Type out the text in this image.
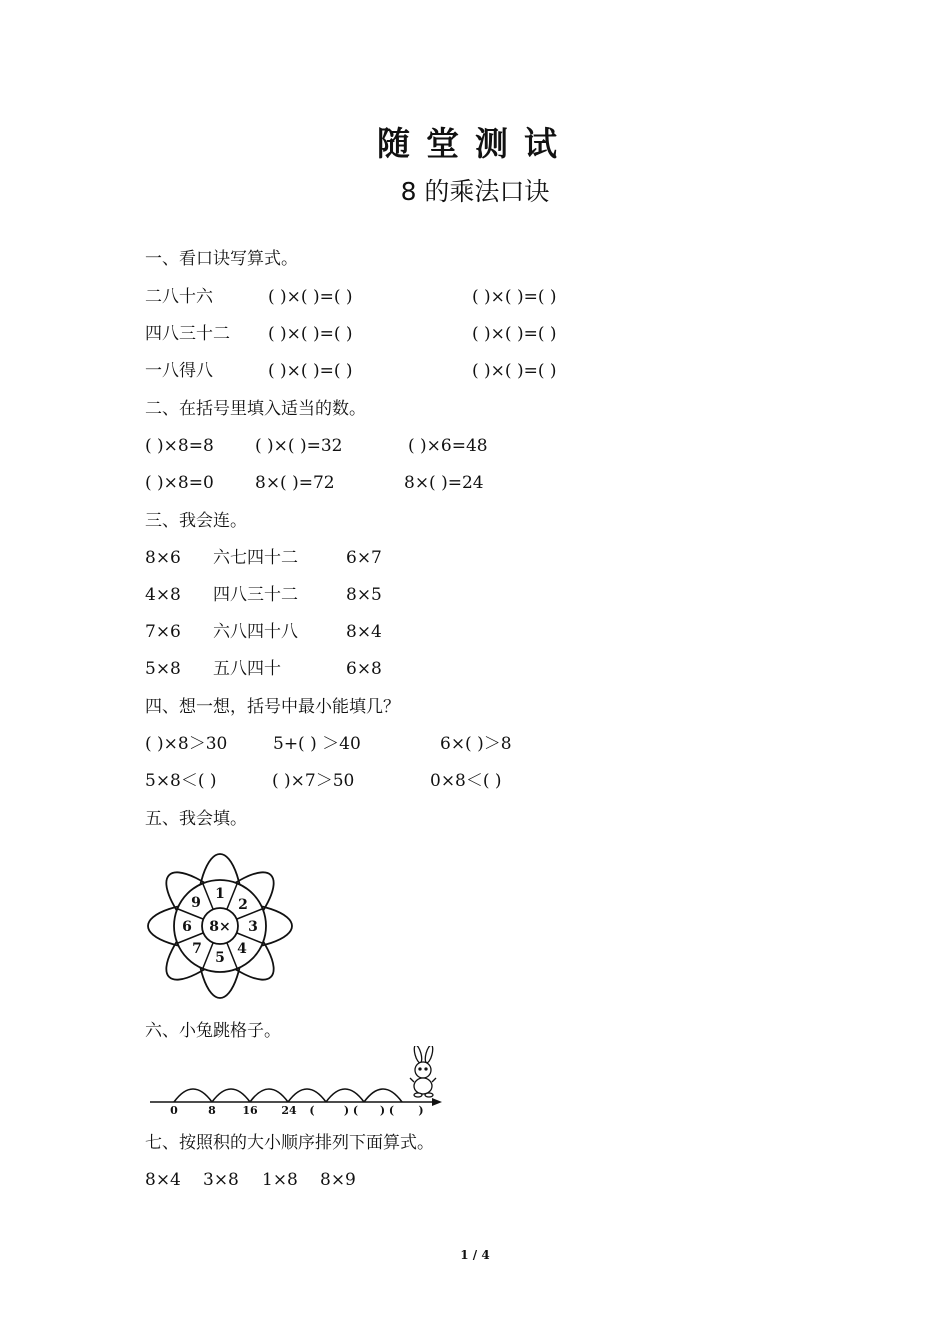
随堂测试
8 的乘法口诀
一、看口诀写算式。
二八十六	( )×( )=( )	( )×( )=( )
四八三十二 ( )×( )=( )	( )×( )=( )
一八得八	( )×( )=( )	( )×( )=( )
二、在括号里填入适当的数。
( )×8=8 ( )×( )=32	( )×6=48
( )×8=0 8×( )=72	8×( )=24
三、我会连。
8×6 六七四十二	6×7
4×8 四八三十二	8×5
7×6 六八四十八	8×4
5×8 五八四十	6×8
四、想一想，括号中最小能填几？
( )×8＞30	5+( ) ＞40	6×( )＞8
5×8＜( )	( )×7＞50	0×8＜( )
五、我会填。
8×
1
2
3
4
5
7
6
9
六、小兔跳格子。
0	8 16 24 (	) ( ) ( )
七、按照积的大小顺序排列下面算式。
8×4 3×8 1×8 8×9
1 / 4
